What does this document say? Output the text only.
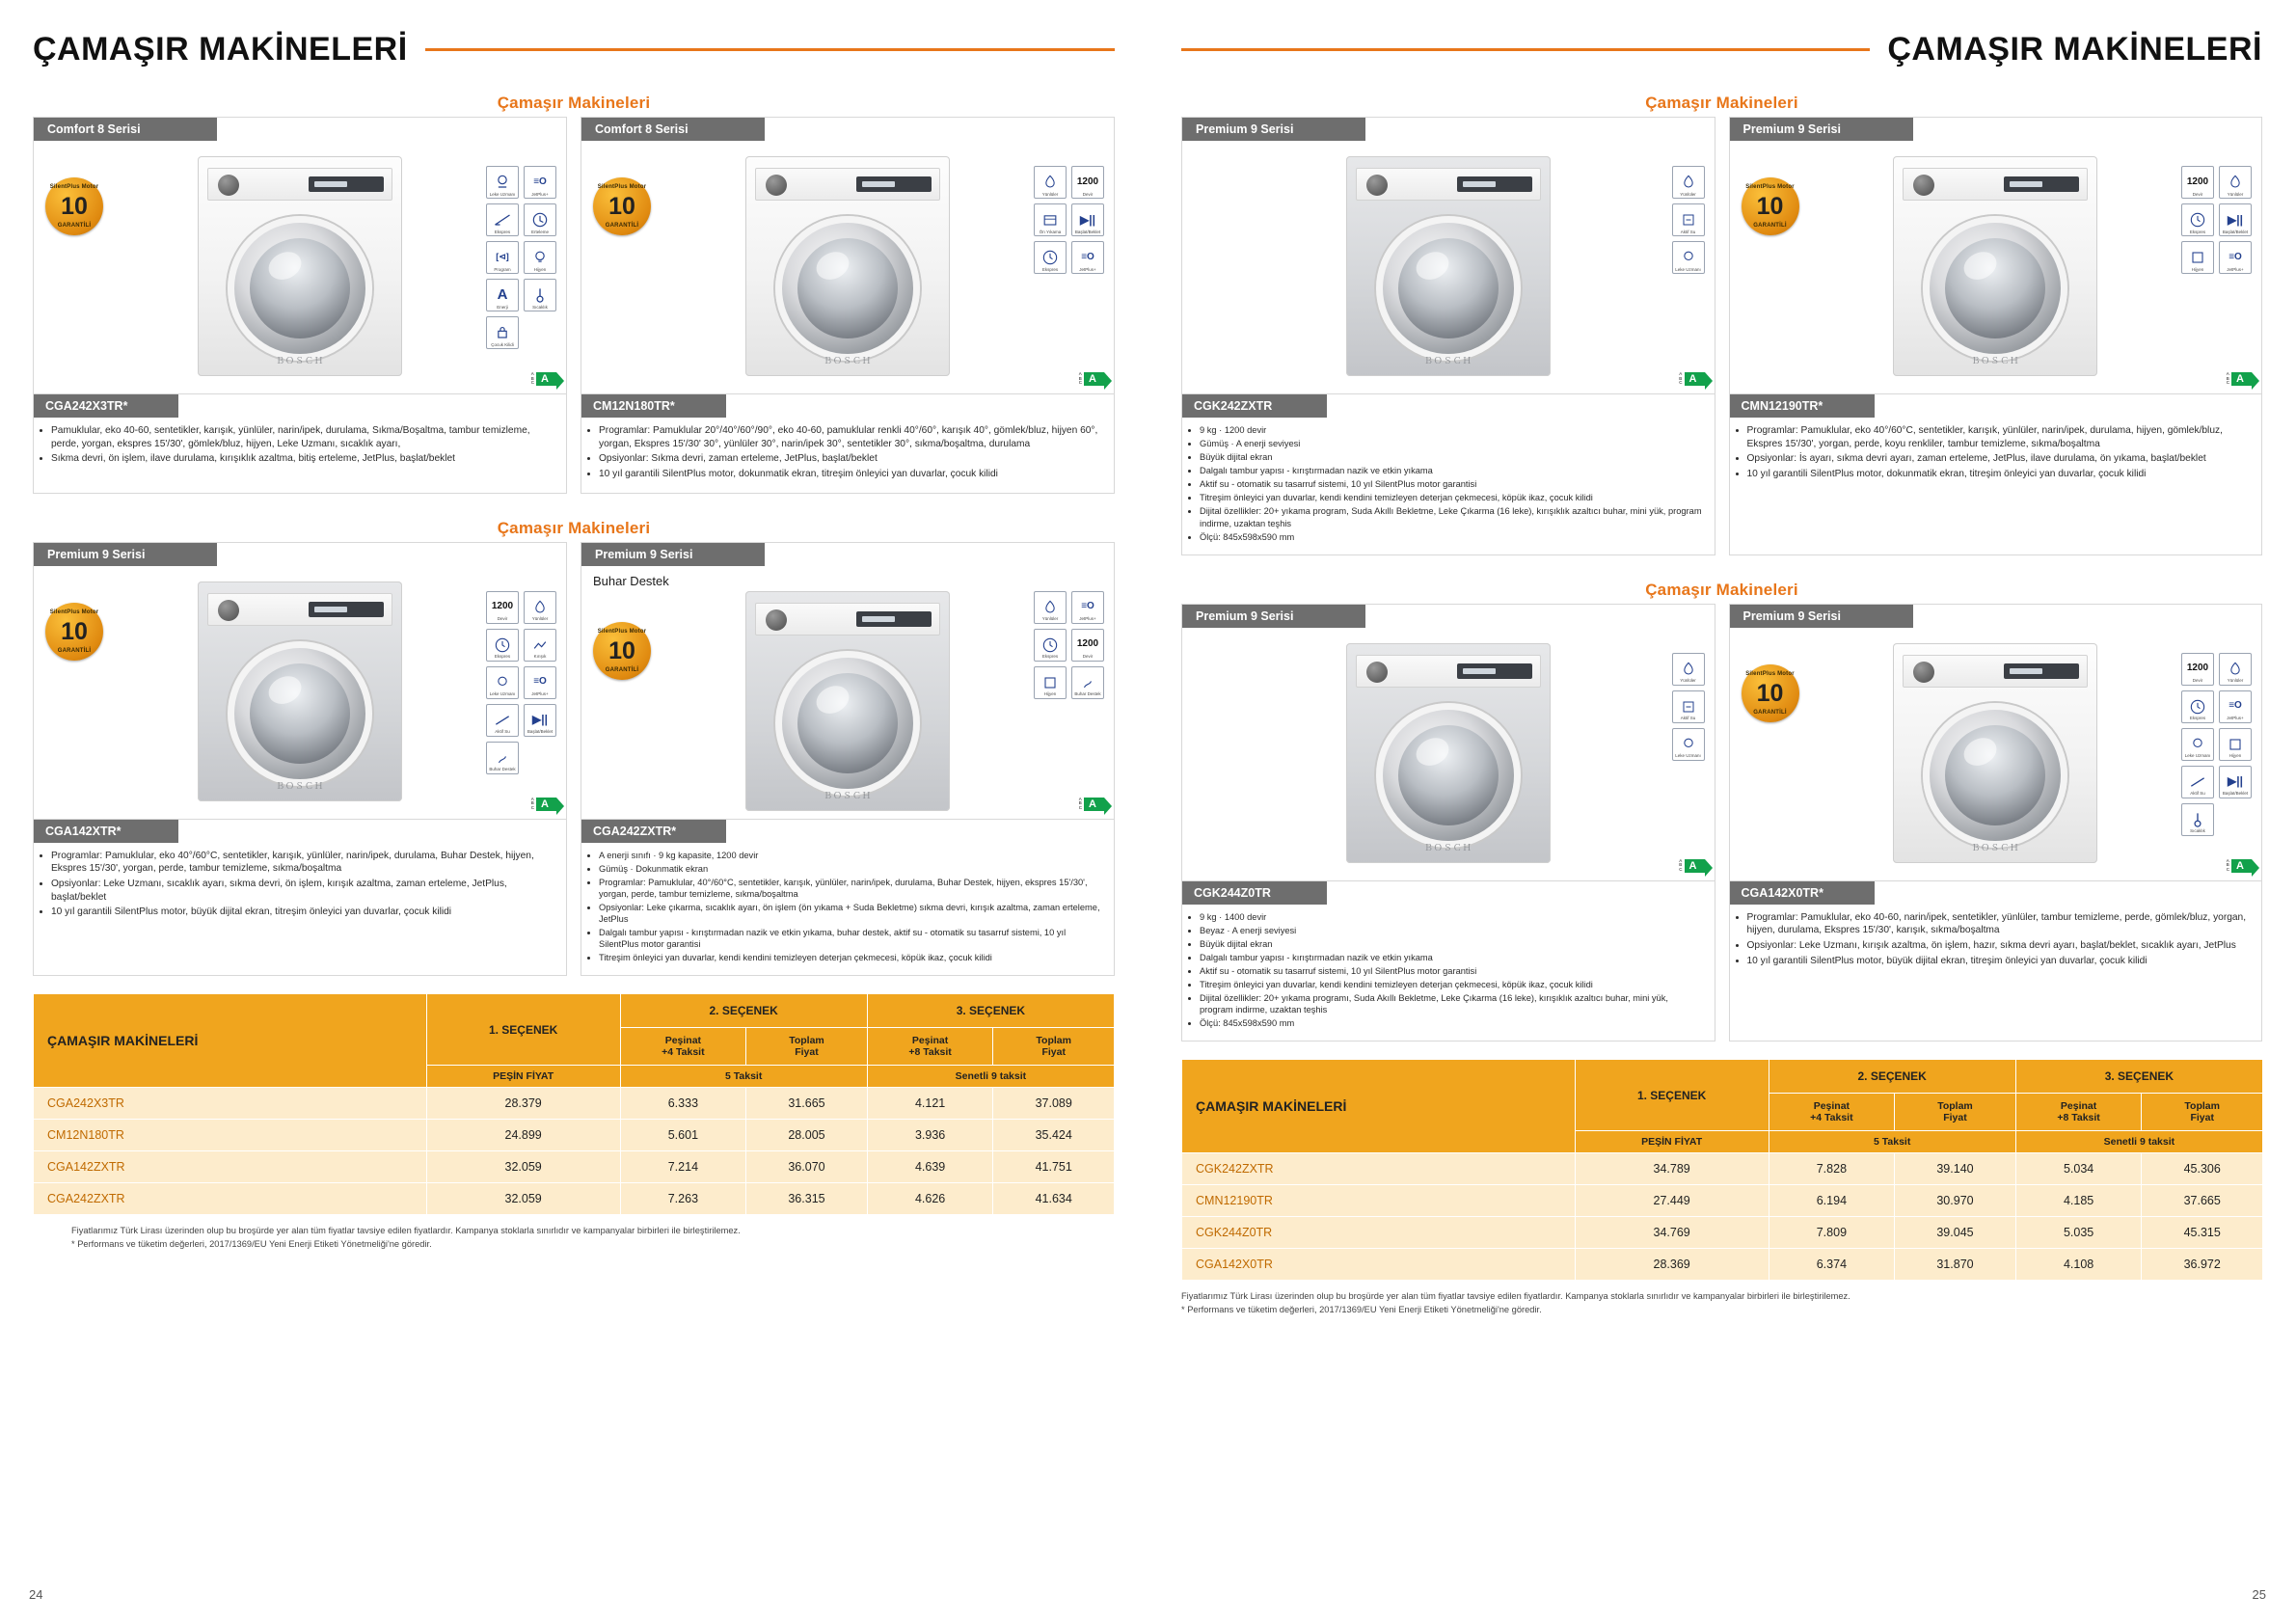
ÇAMAŞIR MAKİNELERİ
Çamaşır Makineleri
Comfort 8 Serisi
SilentPlus Motor
10
GARANTİLİ
ＢＯＳＣＨ
Leke Uzmanı
≡O
JetPlus+
Ekspres	Erteleme
[⊲]
Program	Hijyen
A
Enerji	Sıcaklık
Çocuk Kilidi
A
B
C A
CGA242X3TR*
• Pamuklular, eko 40-60, sentetikler, karışık, yünlüler, narin/ipek, durulama, Sıkma/Boşaltma, tambur temizleme, perde, yorgan, ekspres 15'/30', gömlek/bluz, hijyen, Leke Uzmanı, sıcaklık ayarı,
• Sıkma devri, ön işlem, ilave durulama, kırışıklık azaltma, bitiş erteleme, JetPlus, başlat/beklet
Comfort 8 Serisi
SilentPlus Motor
10
GARANTİLİ
ＢＯＳＣＨ
Yünlüler
1200
Devir
Ön Yıkama
▶||
Başlat/Beklet
Ekspres
≡O
JetPlus+
A
B
C A
CM12N180TR*
• Programlar: Pamuklular 20°/40°/60°/90°, eko 40-60, pamuklular renkli 40°/60°, karışık 40°, gömlek/bluz, hijyen 60°, yorgan, Ekspres 15'/30' 30°, yünlüler 30°, narin/ipek 30°, sentetikler 30°, sıkma/boşaltma, durulama
• Opsiyonlar: Sıkma devri, zaman erteleme, JetPlus, başlat/beklet
• 10 yıl garantili SilentPlus motor, dokunmatik ekran, titreşim önleyici yan duvarlar, çocuk kilidi
Çamaşır Makineleri
Premium 9 Serisi
SilentPlus Motor
10
GARANTİLİ
ＢＯＳＣＨ
1200
Devir	Yünlüler
Ekspres	Kırışık
Leke Uzmanı
≡O
JetPlus+
Aktif Su
▶||
Başlat/Beklet
Buhar Destek
A
B
C A
CGA142XTR*
• Programlar: Pamuklular, eko 40°/60°C, sentetikler, karışık, yünlüler, narin/ipek, durulama, Buhar Destek, hijyen, Ekspres 15'/30', yorgan, perde, tambur temizleme, sıkma/boşaltma
• Opsiyonlar: Leke Uzmanı, sıcaklık ayarı, sıkma devri, ön işlem, kırışık azaltma, zaman erteleme, JetPlus, başlat/beklet
• 10 yıl garantili SilentPlus motor, büyük dijital ekran, titreşim önleyici yan duvarlar, çocuk kilidi
Premium 9 Serisi
Buhar Destek
SilentPlus Motor
10
GARANTİLİ
ＢＯＳＣＨ
Yünlüler
≡O
JetPlus+
Ekspres
1200
Devir
Hijyen	Buhar Destek
A
B
C A
CGA242ZXTR*
• A enerji sınıfı · 9 kg kapasite, 1200 devir
• Gümüş · Dokunmatik ekran
• Programlar: Pamuklular, 40°/60°C, sentetikler, karışık, yünlüler, narin/ipek, durulama, Buhar Destek, hijyen, ekspres 15'/30', yorgan, perde, tambur temizleme, sıkma/boşaltma
• Opsiyonlar: Leke çıkarma, sıcaklık ayarı, ön işlem (ön yıkama + Suda Bekletme) sıkma devri, kırışık azaltma, zaman erteleme, JetPlus
• Dalgalı tambur yapısı - kırıştırmadan nazik ve etkin yıkama, buhar destek, aktif su - otomatik su tasarruf sistemi, 10 yıl SilentPlus motor garantisi
• Titreşim önleyici yan duvarlar, kendi kendini temizleyen deterjan çekmecesi, köpük ikaz, çocuk kilidi
ÇAMAŞIR MAKİNELERİ	1. SEÇENEK	2. SEÇENEK		3. SEÇENEK	
		Peşinat
+4 Taksit	Toplam
Fiyat	Peşinat
+8 Taksit	Toplam
Fiyat
	PEŞİN FİYAT	5 Taksit		Senetli 9 taksit	
CGA242X3TR	28.379	6.333	31.665	4.121	37.089
CM12N180TR	24.899	5.601	28.005	3.936	35.424
CGA142ZXTR	32.059	7.214	36.070	4.639	41.751
CGA242ZXTR	32.059	7.263	36.315	4.626	41.634
Fiyatlarımız Türk Lirası üzerinden olup bu broşürde yer alan tüm fiyatlar tavsiye edilen fiyatlardır. Kampanya stoklarla sınırlıdır ve kampanyalar birbirleri ile birleştirilemez.
* Performans ve tüketim değerleri, 2017/1369/EU Yeni Enerji Etiketi Yönetmeliği'ne göredir.
24
ÇAMAŞIR MAKİNELERİ
Çamaşır Makineleri
Premium 9 Serisi
ＢＯＳＣＨ
Yünlüler
Aktif Su
Leke Uzmanı
A
B
C A
CGK242ZXTR
• 9 kg · 1200 devir
• Gümüş · A enerji seviyesi
• Büyük dijital ekran
• Dalgalı tambur yapısı - kırıştırmadan nazik ve etkin yıkama
• Aktif su - otomatik su tasarruf sistemi, 10 yıl SilentPlus motor garantisi
• Titreşim önleyici yan duvarlar, kendi kendini temizleyen deterjan çekmecesi, köpük ikaz, çocuk kilidi
• Dijital özellikler: 20+ yıkama program, Suda Akıllı Bekletme, Leke Çıkarma (16 leke), kırışıklık azaltıcı buhar, mini yük, program indirme, uzaktan teşhis
• Ölçü: 845x598x590 mm
Premium 9 Serisi
SilentPlus Motor
10
GARANTİLİ
ＢＯＳＣＨ
1200
Devir	Yünlüler
Ekspres
▶||
Başlat/Beklet
Hijyen
≡O
JetPlus+
A
B
C A
CMN12190TR*
• Programlar: Pamuklular, eko 40°/60°C, sentetikler, karışık, yünlüler, narin/ipek, durulama, hijyen, gömlek/bluz, Ekspres 15'/30', yorgan, perde, koyu renkliler, tambur temizleme, sıkma/boşaltma
• Opsiyonlar: İs ayarı, sıkma devri ayarı, zaman erteleme, JetPlus, ilave durulama, ön yıkama, başlat/beklet
• 10 yıl garantili SilentPlus motor, dokunmatik ekran, titreşim önleyici yan duvarlar, çocuk kilidi
Çamaşır Makineleri
Premium 9 Serisi
ＢＯＳＣＨ
Yünlüler
Aktif Su
Leke Uzmanı
A
B
C A
CGK244Z0TR
• 9 kg · 1400 devir
• Beyaz · A enerji seviyesi
• Büyük dijital ekran
• Dalgalı tambur yapısı - kırıştırmadan nazik ve etkin yıkama
• Aktif su - otomatik su tasarruf sistemi, 10 yıl SilentPlus motor garantisi
• Titreşim önleyici yan duvarlar, kendi kendini temizleyen deterjan çekmecesi, köpük ikaz, çocuk kilidi
• Dijital özellikler: 20+ yıkama programı, Suda Akıllı Bekletme, Leke Çıkarma (16 leke), kırışıklık azaltıcı buhar, mini yük, program indirme, uzaktan teşhis
• Ölçü: 845x598x590 mm
Premium 9 Serisi
SilentPlus Motor
10
GARANTİLİ
ＢＯＳＣＨ
1200
Devir	Yünlüler
Ekspres
≡O
JetPlus+
Leke Uzmanı	Hijyen
Aktif Su
▶||
Başlat/Beklet
Sıcaklık
A
B
C A
CGA142X0TR*
• Programlar: Pamuklular, eko 40-60, narin/ipek, sentetikler, yünlüler, tambur temizleme, perde, gömlek/bluz, yorgan, hijyen, durulama, Ekspres 15'/30', karışık, sıkma/boşaltma
• Opsiyonlar: Leke Uzmanı, kırışık azaltma, ön işlem, hazır, sıkma devri ayarı, başlat/beklet, sıcaklık ayarı, JetPlus
• 10 yıl garantili SilentPlus motor, büyük dijital ekran, titreşim önleyici yan duvarlar, çocuk kilidi
ÇAMAŞIR MAKİNELERİ	1. SEÇENEK	2. SEÇENEK		3. SEÇENEK	
		Peşinat
+4 Taksit	Toplam
Fiyat	Peşinat
+8 Taksit	Toplam
Fiyat
	PEŞİN FİYAT	5 Taksit		Senetli 9 taksit	
CGK242ZXTR	34.789	7.828	39.140	5.034	45.306
CMN12190TR	27.449	6.194	30.970	4.185	37.665
CGK244Z0TR	34.769	7.809	39.045	5.035	45.315
CGA142X0TR	28.369	6.374	31.870	4.108	36.972
Fiyatlarımız Türk Lirası üzerinden olup bu broşürde yer alan tüm fiyatlar tavsiye edilen fiyatlardır. Kampanya stoklarla sınırlıdır ve kampanyalar birbirleri ile birleştirilemez.
* Performans ve tüketim değerleri, 2017/1369/EU Yeni Enerji Etiketi Yönetmeliği'ne göredir.
25
